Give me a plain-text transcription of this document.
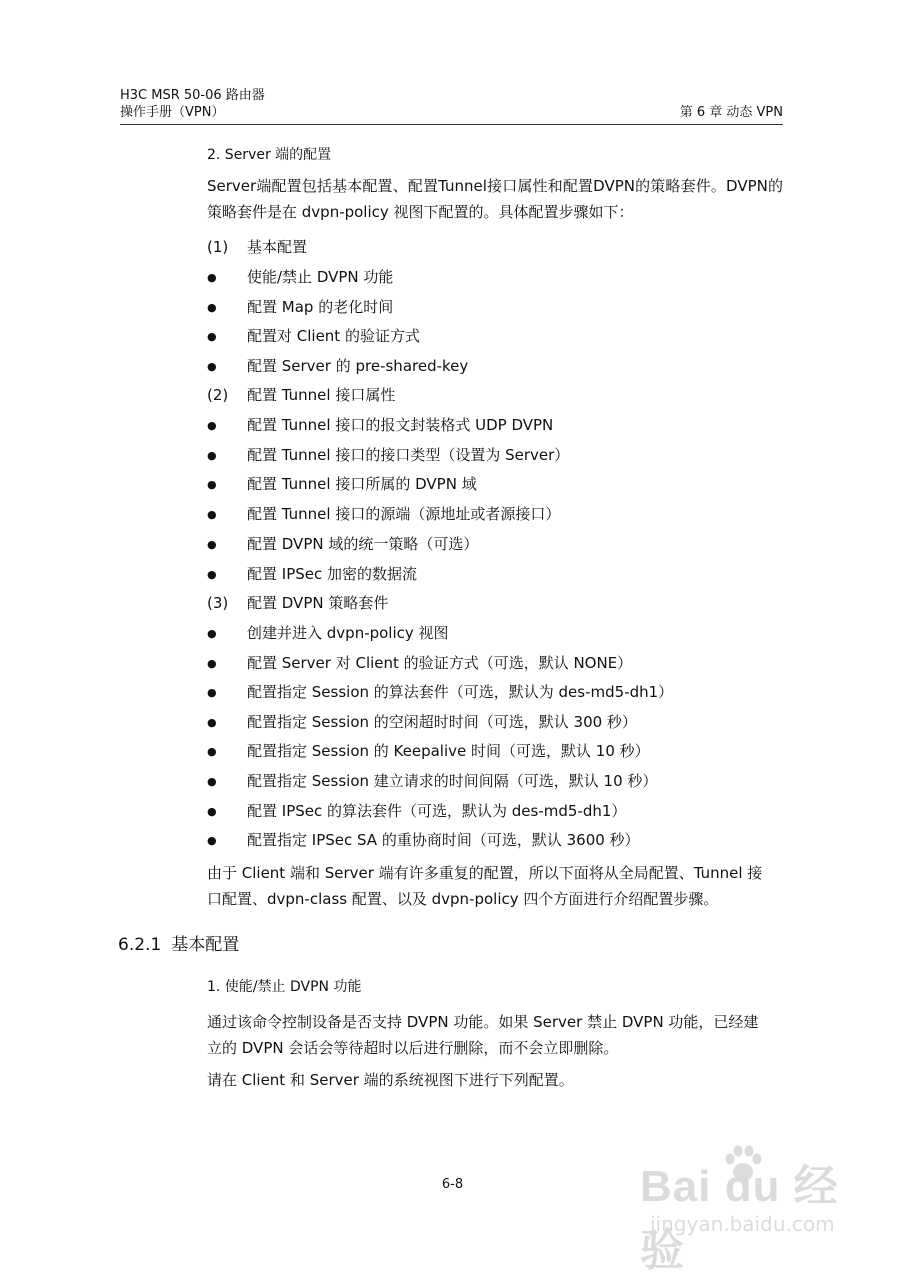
H3C MSR 50-06 路由器
操作手册（VPN）	第 6 章 动态 VPN
2. Server 端的配置
Server端配置包括基本配置、配置Tunnel接口属性和配置DVPN的策略套件。DVPN的策略套件是在 dvpn-policy 视图下配置的。具体配置步骤如下：
(1) 基本配置
● 使能/禁止 DVPN 功能
● 配置 Map 的老化时间
● 配置对 Client 的验证方式
● 配置 Server 的 pre-shared-key
(2) 配置 Tunnel 接口属性
● 配置 Tunnel 接口的报文封装格式 UDP DVPN
● 配置 Tunnel 接口的接口类型（设置为 Server）
● 配置 Tunnel 接口所属的 DVPN 域
● 配置 Tunnel 接口的源端（源地址或者源接口）
● 配置 DVPN 域的统一策略（可选）
● 配置 IPSec 加密的数据流
(3) 配置 DVPN 策略套件
● 创建并进入 dvpn-policy 视图
● 配置 Server 对 Client 的验证方式（可选，默认 NONE）
● 配置指定 Session 的算法套件（可选，默认为 des-md5-dh1）
● 配置指定 Session 的空闲超时时间（可选，默认 300 秒）
● 配置指定 Session 的 Keepalive 时间（可选，默认 10 秒）
● 配置指定 Session 建立请求的时间间隔（可选，默认 10 秒）
● 配置 IPSec 的算法套件（可选，默认为 des-md5-dh1）
● 配置指定 IPSec SA 的重协商时间（可选，默认 3600 秒）
由于 Client 端和 Server 端有许多重复的配置，所以下面将从全局配置、Tunnel 接
口配置、dvpn-class 配置、以及 dvpn-policy 四个方面进行介绍配置步骤。
6.2.1 基本配置
1. 使能/禁止 DVPN 功能
通过该命令控制设备是否支持 DVPN 功能。如果 Server 禁止 DVPN 功能，已经建
立的 DVPN 会话会等待超时以后进行删除，而不会立即删除。
请在 Client 和 Server 端的系统视图下进行下列配置。
6-8	Bai du 经验
jingyan.baidu.com
